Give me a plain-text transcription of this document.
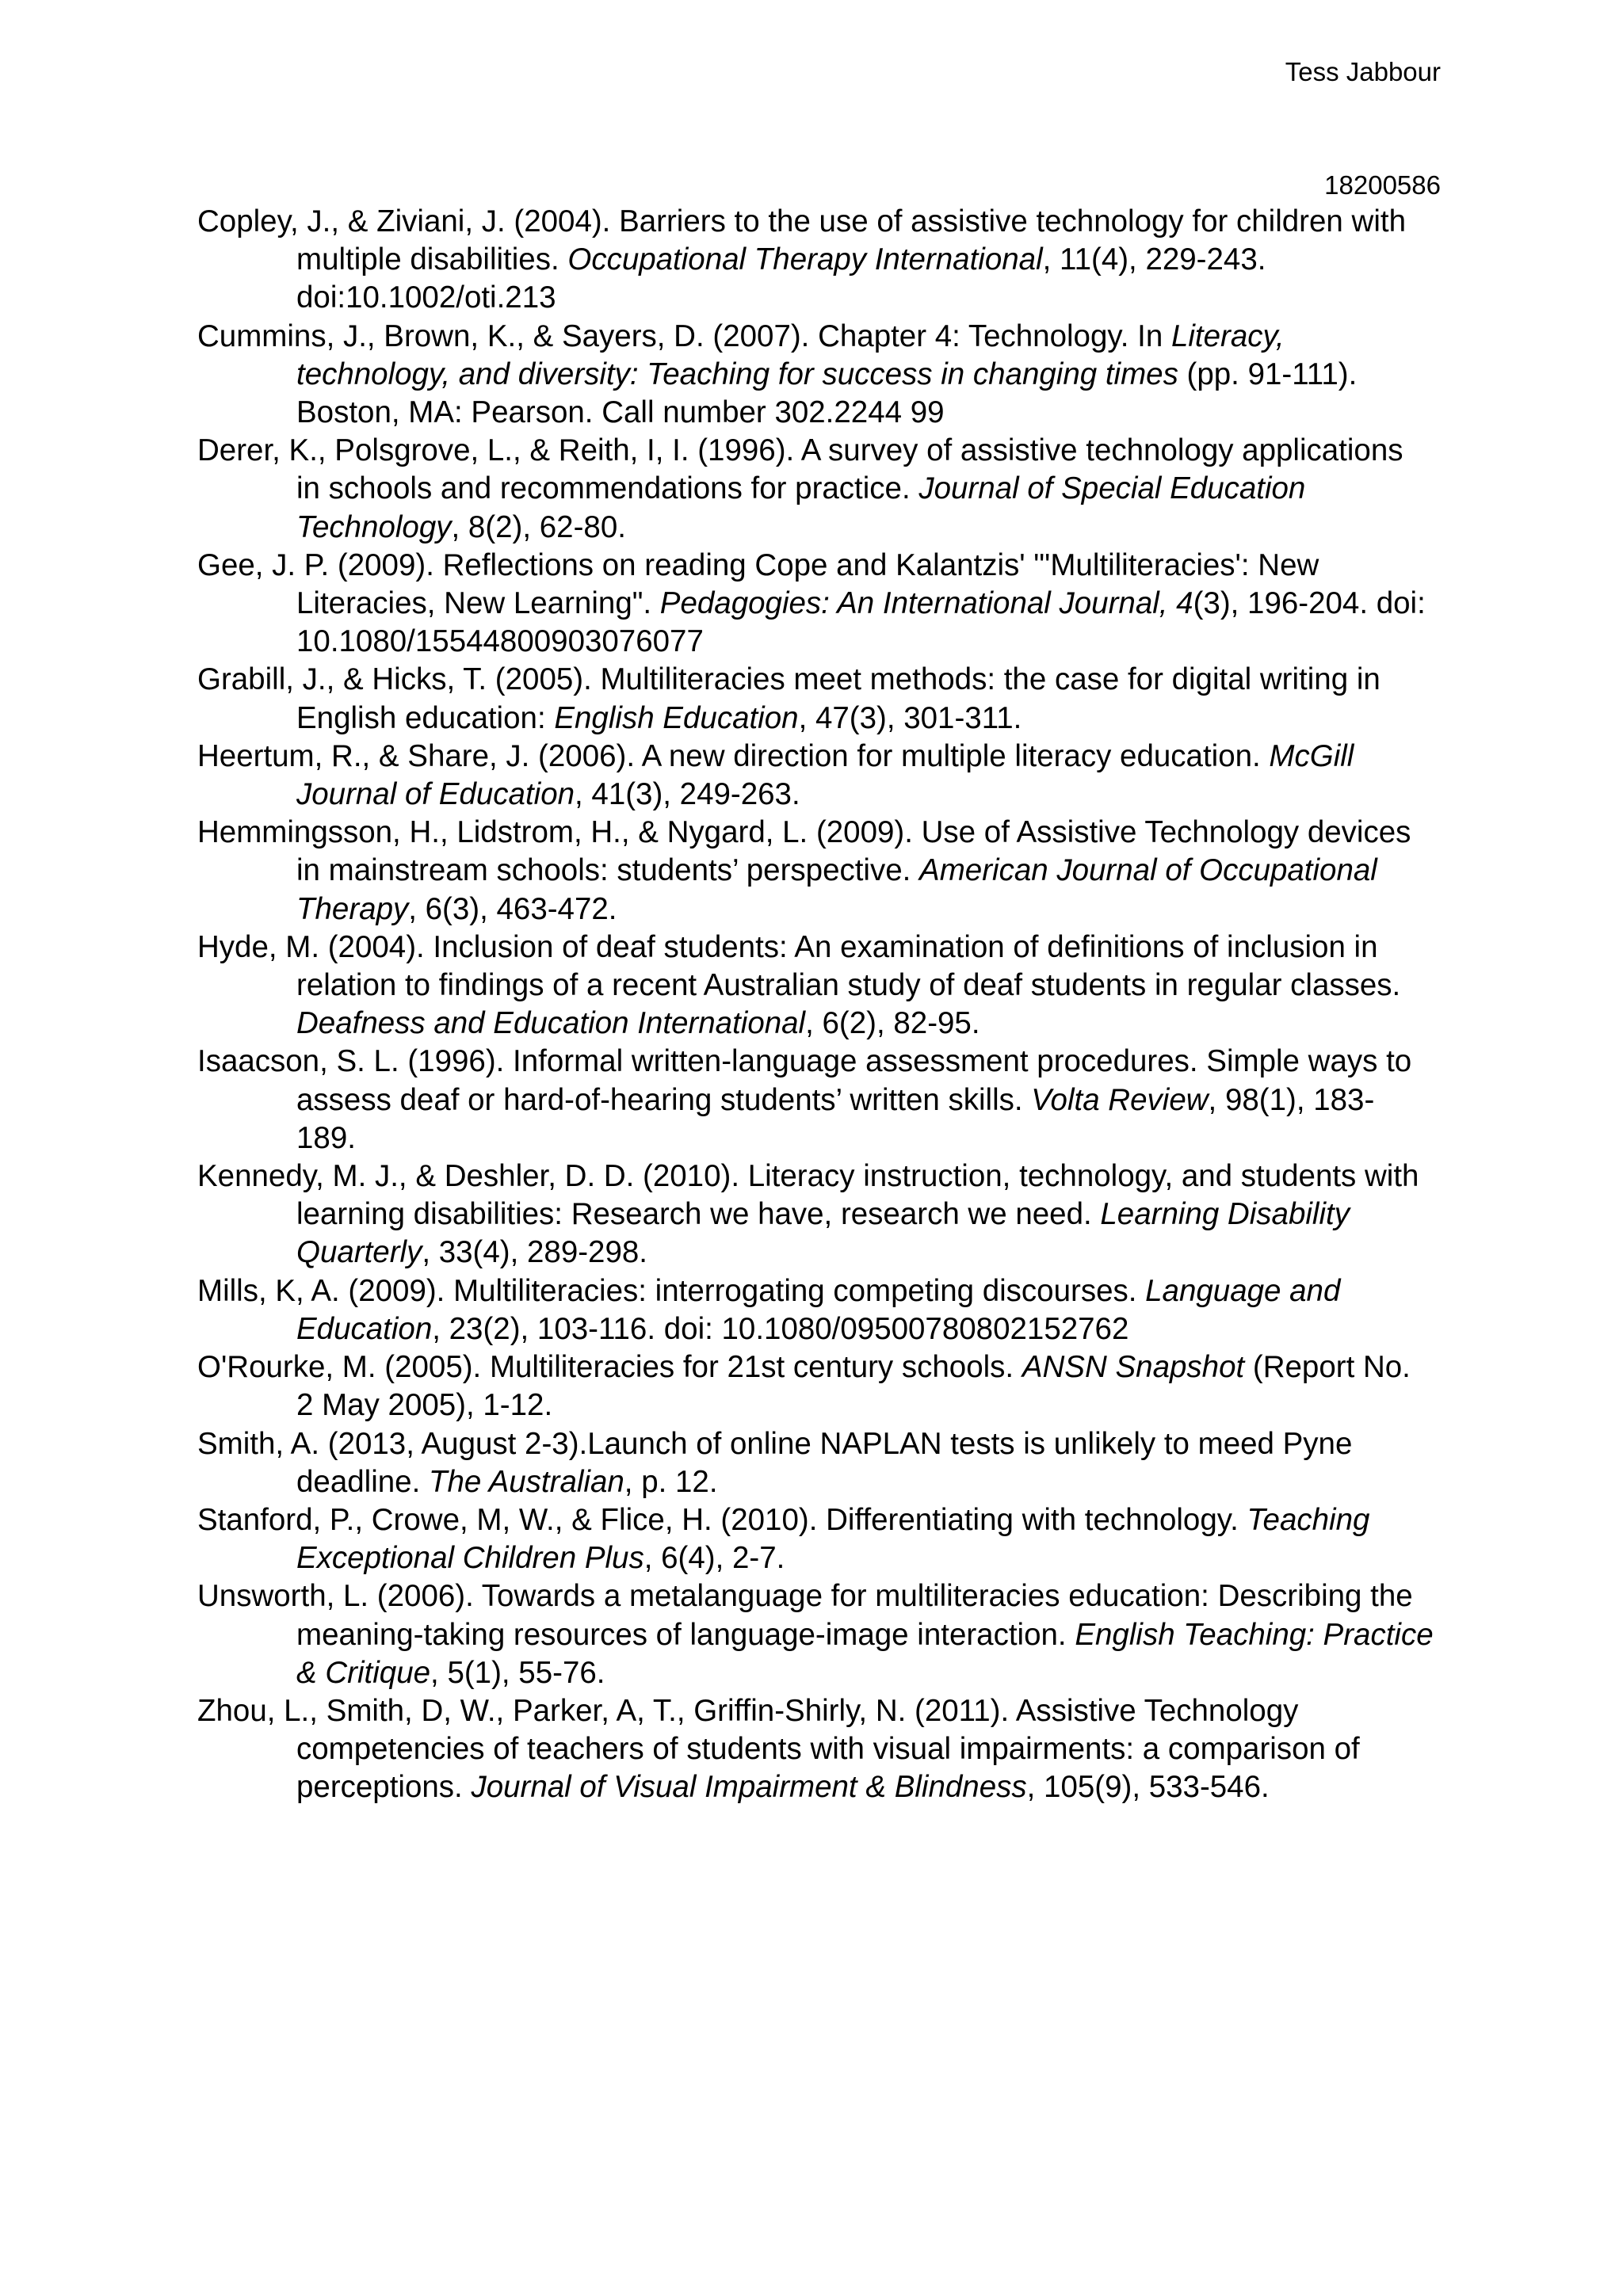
Tess Jabbour
18200586
Copley, J., & Ziviani, J. (2004). Barriers to the use of assistive technology for children with multiple disabilities. Occupational Therapy International, 11(4), 229-243. doi:10.1002/oti.213
Cummins, J., Brown, K., & Sayers, D. (2007). Chapter 4: Technology. In Literacy, technology, and diversity: Teaching for success in changing times (pp. 91-111). Boston, MA: Pearson. Call number 302.2244 99
Derer, K., Polsgrove, L., & Reith, I, I. (1996). A survey of assistive technology applications in schools and recommendations for practice. Journal of Special Education Technology, 8(2), 62-80.
Gee, J. P. (2009). Reflections on reading Cope and Kalantzis' "'Multiliteracies': New Literacies, New Learning". Pedagogies: An International Journal, 4(3), 196-204. doi: 10.1080/15544800903076077
Grabill, J., & Hicks, T. (2005). Multiliteracies meet methods: the case for digital writing in English education: English Education, 47(3), 301-311.
Heertum, R., & Share, J. (2006). A new direction for multiple literacy education. McGill Journal of Education, 41(3), 249-263.
Hemmingsson, H., Lidstrom, H., & Nygard, L. (2009). Use of Assistive Technology devices in mainstream schools: students’ perspective. American Journal of Occupational Therapy, 6(3), 463-472.
Hyde, M. (2004). Inclusion of deaf students: An examination of definitions of inclusion in relation to findings of a recent Australian study of deaf students in regular classes. Deafness and Education International, 6(2), 82-95.
Isaacson, S. L. (1996). Informal written-language assessment procedures. Simple ways to assess deaf or hard-of-hearing students’ written skills. Volta Review, 98(1), 183-189.
Kennedy, M. J., & Deshler, D. D. (2010). Literacy instruction, technology, and students with learning disabilities: Research we have, research we need. Learning Disability Quarterly, 33(4), 289-298.
Mills, K, A. (2009). Multiliteracies: interrogating competing discourses. Language and Education, 23(2), 103-116. doi: 10.1080/09500780802152762
O'Rourke, M. (2005). Multiliteracies for 21st century schools. ANSN Snapshot (Report No. 2 May 2005), 1-12.
Smith, A. (2013, August 2-3).Launch of online NAPLAN tests is unlikely to meed Pyne deadline. The Australian, p. 12.
Stanford, P., Crowe, M, W., & Flice, H. (2010). Differentiating with technology. Teaching Exceptional Children Plus, 6(4), 2-7.
Unsworth, L. (2006). Towards a metalanguage for multiliteracies education: Describing the meaning-taking resources of language-image interaction. English Teaching: Practice & Critique, 5(1), 55-76.
Zhou, L., Smith, D, W., Parker, A, T., Griffin-Shirly, N. (2011). Assistive Technology competencies of teachers of students with visual impairments: a comparison of perceptions. Journal of Visual Impairment & Blindness, 105(9), 533-546.
